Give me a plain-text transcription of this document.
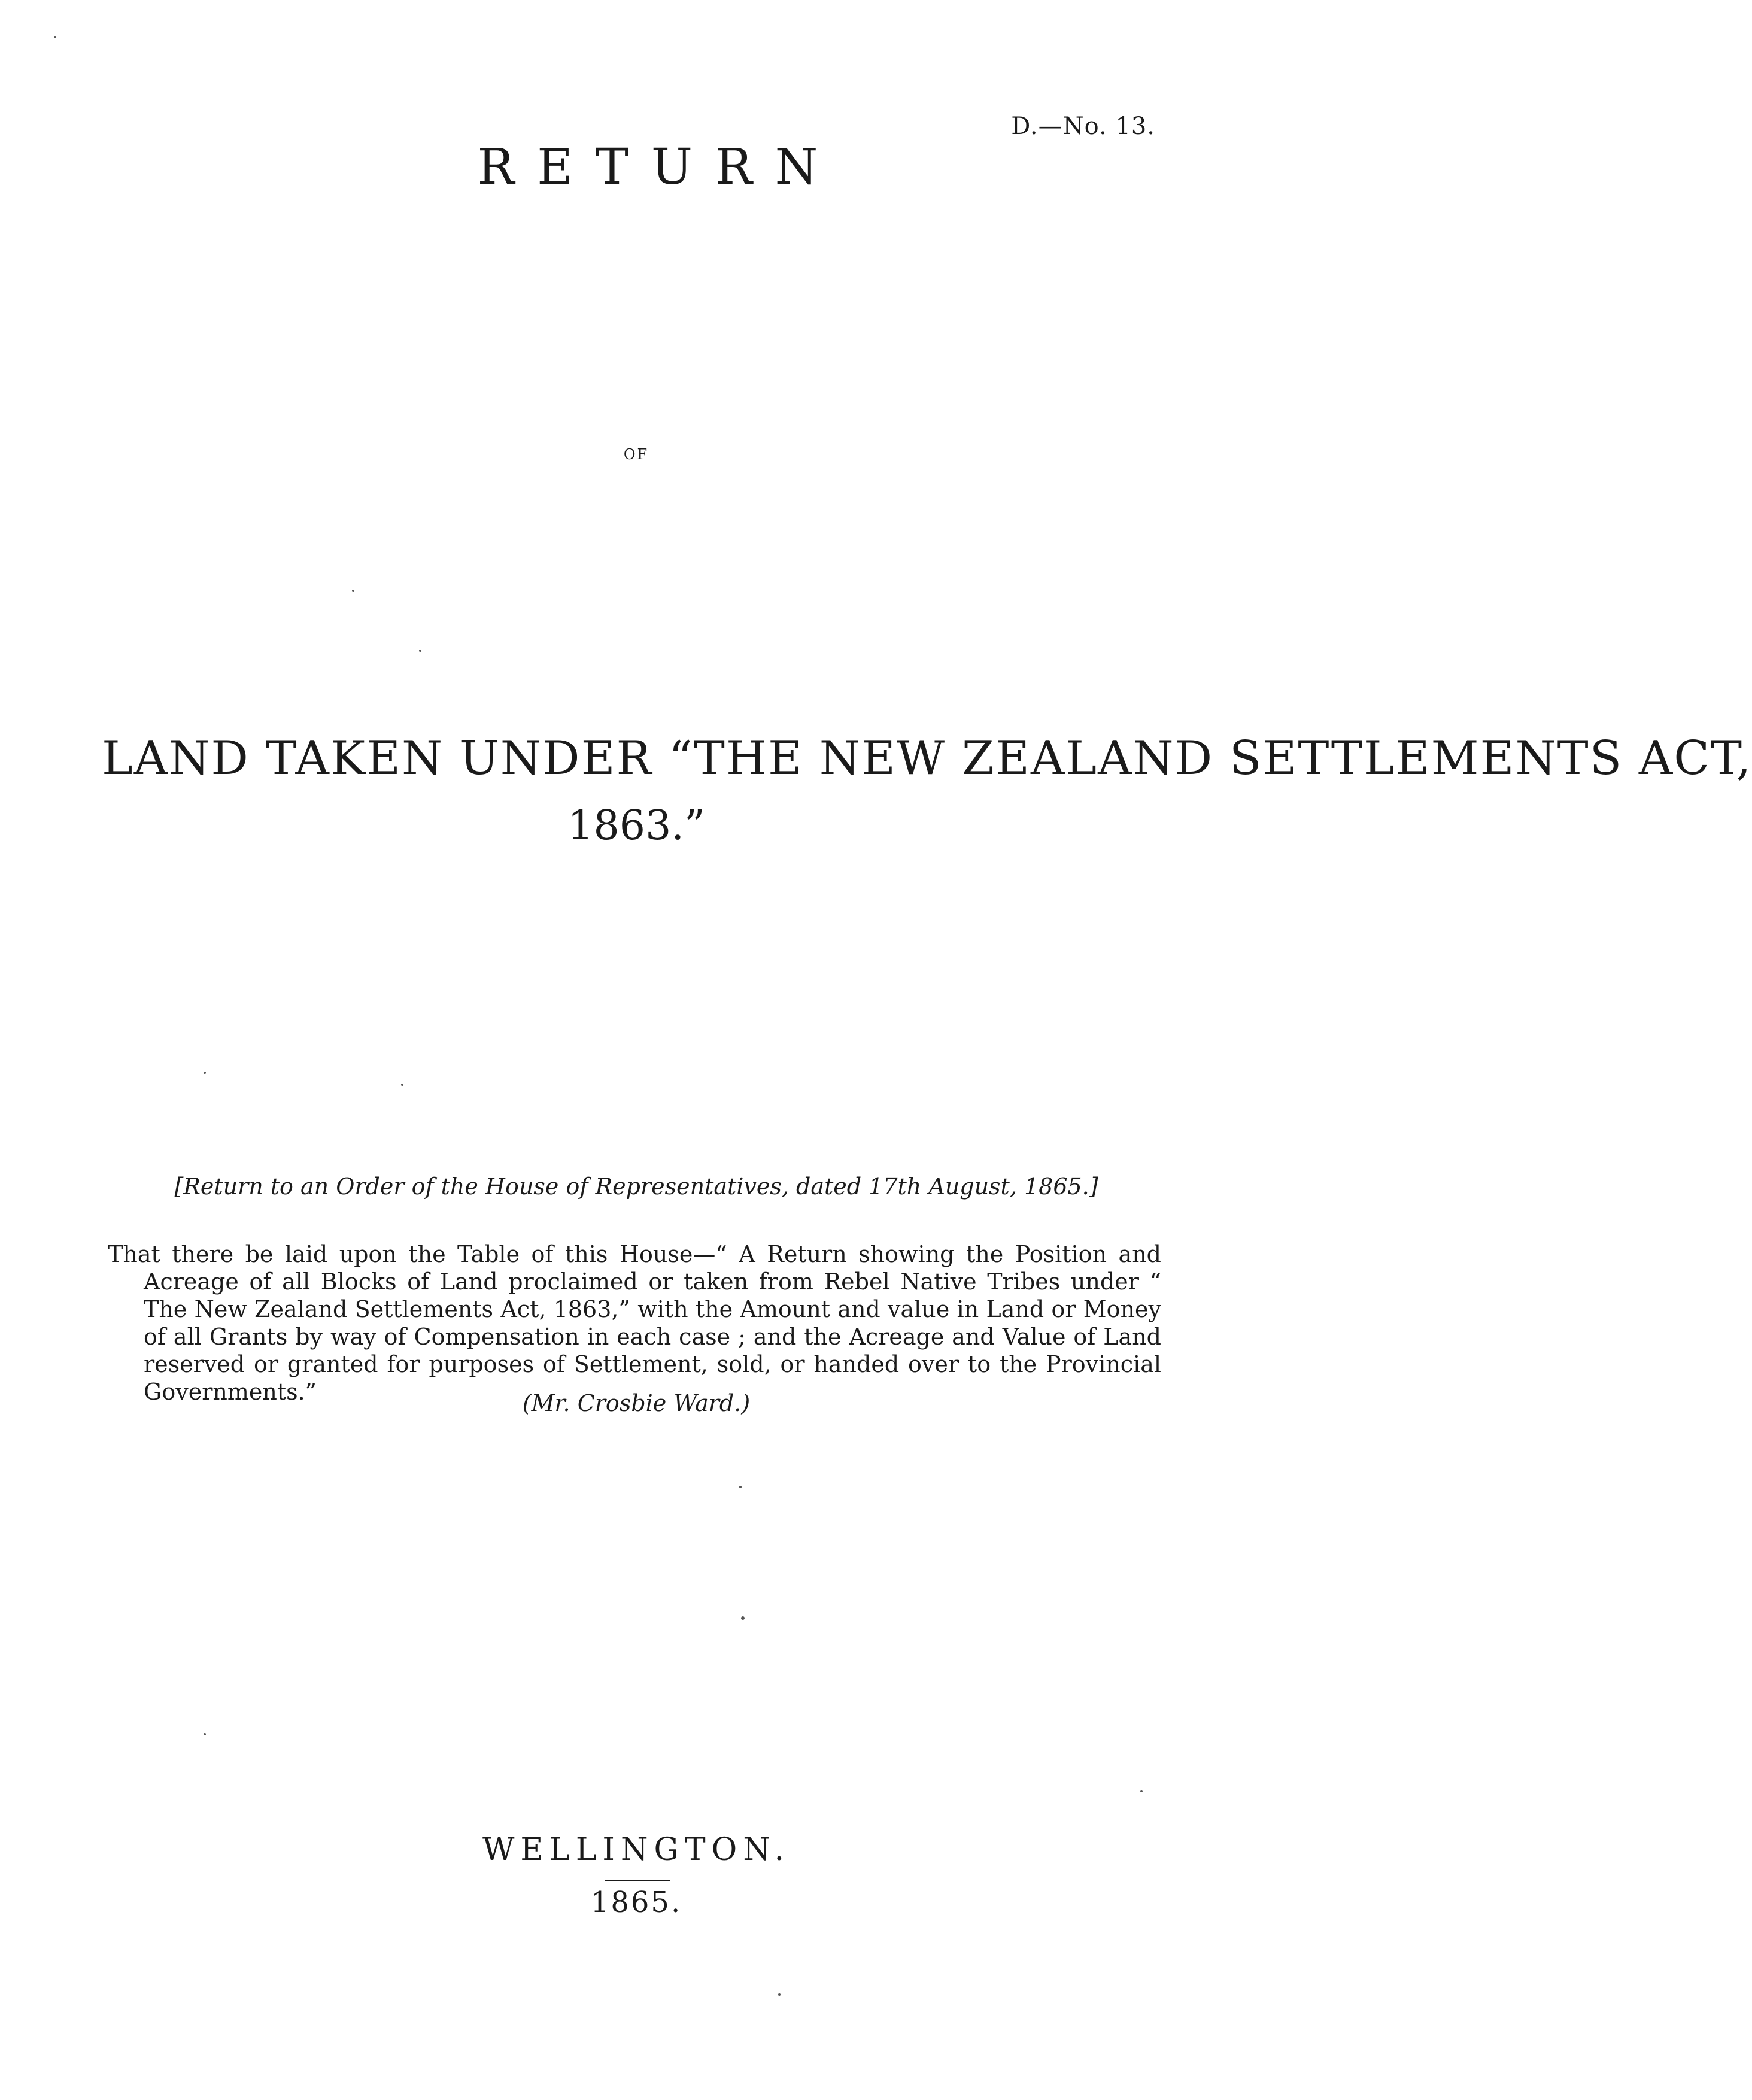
D.—No. 13.
RETURN
OF
LAND TAKEN UNDER “THE NEW ZEALAND SETTLEMENTS ACT,
1863.”
[Return to an Order of the House of Representatives, dated 17th August, 1865.]
That there be laid upon the Table of this House—“ A Return showing the Position and Acreage of all Blocks of Land proclaimed or taken from Rebel Native Tribes under “ The New Zealand Settlements Act, 1863,” with the Amount and value in Land or Money of all Grants by way of Compensation in each case ; and the Acreage and Value of Land reserved or granted for purposes of Settlement, sold, or handed over to the Provincial Governments.”	(Mr. Crosbie Ward.)
WELLINGTON.
1865.
